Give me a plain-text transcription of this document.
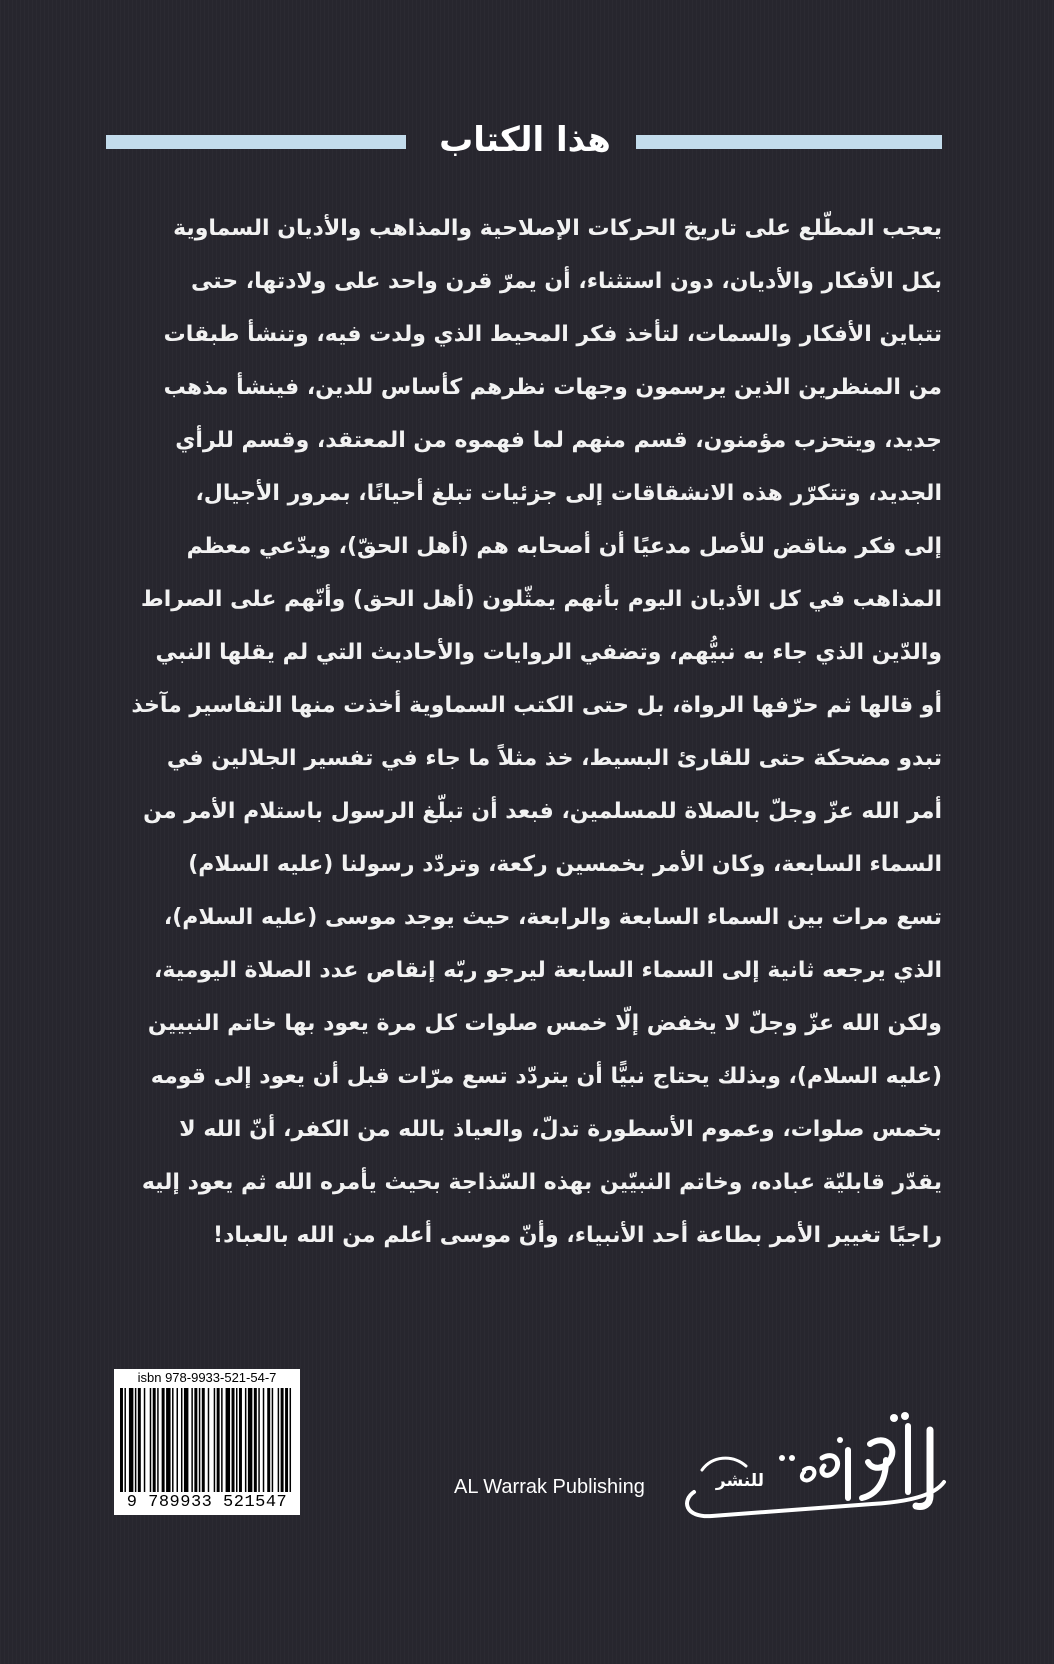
هذا الكتاب
يعجب المطّلع على تاريخ الحركات الإصلاحية والمذاهب والأديان السماوية
بكل الأفكار والأديان، دون استثناء، أن يمرّ قرن واحد على ولادتها، حتى
تتباين الأفكار والسمات، لتأخذ فكر المحيط الذي ولدت فيه، وتنشأ طبقات
من المنظرين الذين يرسمون وجهات نظرهم كأساس للدين، فينشأ مذهب
جديد، ويتحزب مؤمنون، قسم منهم لما فهموه من المعتقد، وقسم للرأي
الجديد، وتتكرّر هذه الانشقاقات إلى جزئيات تبلغ أحيانًا، بمرور الأجيال،
إلى فكر مناقض للأصل مدعيًا أن أصحابه هم (أهل الحقّ)، ويدّعي معظم
المذاهب في كل الأديان اليوم بأنهم يمثّلون (أهل الحق) وأنّهم على الصراط
والدّين الذي جاء به نبيُّهم، وتضفي الروايات والأحاديث التي لم يقلها النبي
أو قالها ثم حرّفها الرواة، بل حتى الكتب السماوية أخذت منها التفاسير مآخذ
تبدو مضحكة حتى للقارئ البسيط، خذ مثلاً ما جاء في تفسير الجلالين في
أمر الله عزّ وجلّ بالصلاة للمسلمين، فبعد أن تبلّغ الرسول باستلام الأمر من
السماء السابعة، وكان الأمر بخمسين ركعة، وتردّد رسولنا (عليه السلام)
تسع مرات بين السماء السابعة والرابعة، حيث يوجد موسى (عليه السلام)،
الذي يرجعه ثانية إلى السماء السابعة ليرجو ربّه إنقاص عدد الصلاة اليومية،
ولكن الله عزّ وجلّ لا يخفض إلّا خمس صلوات كل مرة يعود بها خاتم النبيين
(عليه السلام)، وبذلك يحتاج نبيًّا أن يتردّد تسع مرّات قبل أن يعود إلى قومه
بخمس صلوات، وعموم الأسطورة تدلّ، والعياذ بالله من الكفر، أنّ الله لا
يقدّر قابليّة عباده، وخاتم النبيّين بهذه السّذاجة بحيث يأمره الله ثم يعود إليه
راجيًا تغيير الأمر بطاعة أحد الأنبياء، وأنّ موسى أعلم من الله بالعباد!
isbn 978-9933-521-54-7
9 789933 521547
AL Warrak Publishing	للنشر
